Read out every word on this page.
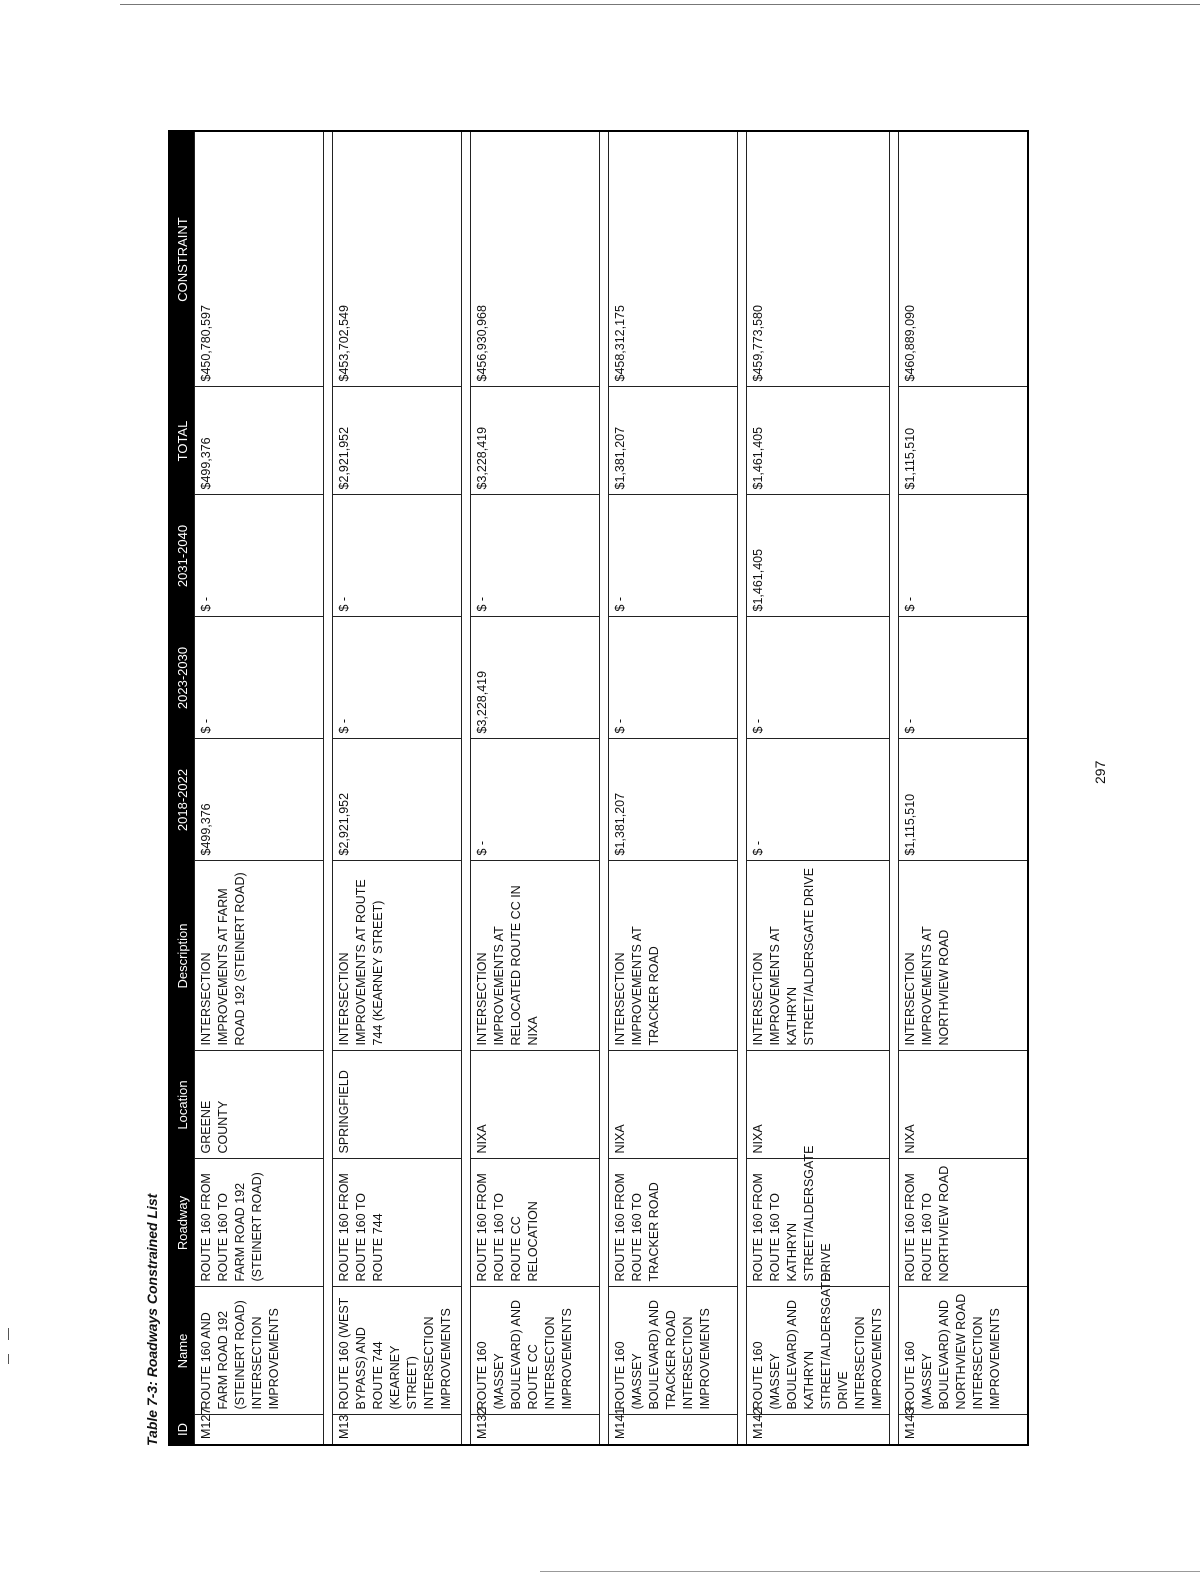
Table 7-3: Roadways Constrained List	ID	Name	Roadway	Location	Description	2018-2022	2023-2030	2031-2040	TOTAL	CONSTRAINT
M127	ROUTE 160 AND FARM ROAD 192 (STEINERT ROAD) INTERSECTION IMPROVEMENTS	ROUTE 160 FROM ROUTE 160 TO FARM ROAD 192 (STEINERT ROAD)	GREENE COUNTY	INTERSECTION IMPROVEMENTS AT FARM ROAD 192 (STEINERT ROAD)	$499,376	$ -	$ -	$499,376	$450,780,597

M13	ROUTE 160 (WEST BYPASS) AND ROUTE 744 (KEARNEY STREET) INTERSECTION IMPROVEMENTS	ROUTE 160 FROM ROUTE 160 TO ROUTE 744	SPRINGFIELD	INTERSECTION IMPROVEMENTS AT ROUTE 744 (KEARNEY STREET)	$2,921,952	$ -	$ -	$2,921,952	$453,702,549

M132	ROUTE 160 (MASSEY BOULEVARD) AND ROUTE CC INTERSECTION IMPROVEMENTS	ROUTE 160 FROM ROUTE 160 TO ROUTE CC RELOCATION	NIXA	INTERSECTION IMPROVEMENTS AT RELOCATED ROUTE CC IN NIXA	$ -	$3,228,419	$ -	$3,228,419	$456,930,968

M141	ROUTE 160 (MASSEY BOULEVARD) AND TRACKER ROAD INTERSECTION IMPROVEMENTS	ROUTE 160 FROM ROUTE 160 TO TRACKER ROAD	NIXA	INTERSECTION IMPROVEMENTS AT TRACKER ROAD	$1,381,207	$ -	$ -	$1,381,207	$458,312,175

M142	ROUTE 160 (MASSEY BOULEVARD) AND KATHRYN STREET/ALDERSGATE DRIVE INTERSECTION IMPROVEMENTS	ROUTE 160 FROM ROUTE 160 TO KATHRYN STREET/ALDERSGATE DRIVE	NIXA	INTERSECTION IMPROVEMENTS AT KATHRYN STREET/ALDERSGATE DRIVE	$ -	$ -	$1,461,405	$1,461,405	$459,773,580

M143	ROUTE 160 (MASSEY BOULEVARD) AND NORTHVIEW ROAD INTERSECTION IMPROVEMENTS	ROUTE 160 FROM ROUTE 160 TO NORTHVIEW ROAD	NIXA	INTERSECTION IMPROVEMENTS AT NORTHVIEW ROAD	$1,115,510	$ -	$ -	$1,115,510	$460,889,090
297
